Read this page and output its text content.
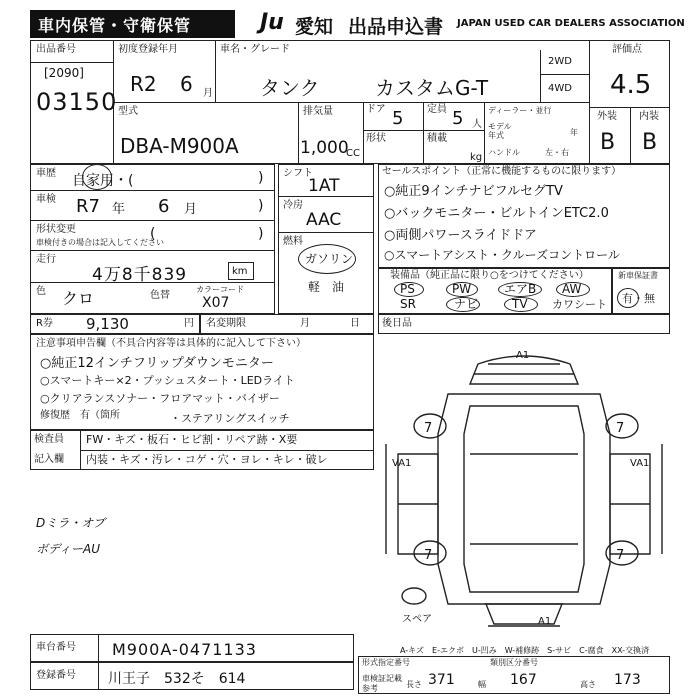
車内保管・守衛保管	Ju 愛知 出品申込書 JAPAN USED CAR DEALERS ASSOCIATION
出品番号
[2090]
03150
初度登録年月
R2 6 月
車名・グレード
タンク	カスタムG-T
2WD
4WD
評価点
4.5
外装 内装
B B
型式
DBA-M900A
排気量
1,000
CC
ドア 5
形状
定員 5 人
積載
kg
ディーラー・並行
モデル
年式	年
ハンドル	左・右
車歴 自家用・(	)
車検 R7 年 6 月	)
形状変更
車検付きの場合は記入してください
(	)
走行
4万8千839	km
色 クロ	色替
カラーコード
X07
シフト
1AT
冷房
AAC
燃料
ガソリン
軽　油
セールスポイント（正常に機能するものに限ります）
○純正9インチナビフルセグTV
○バックモニター・ビルトインETC2.0
○両側パワースライドドア
○スマートアシスト・クルーズコントロール
装備品（純正品に限り○をつけてください）
PS	PW	エアB AW
SR	ナビ	TV カワシート
新車保証書
有・無
R券 9,130	円 名変期限	月	日 後日品
注意事項申告欄（不具合内容等は具体的に記入して下さい）
○純正12インチフリップダウンモニター
○スマートキー×2・プッシュスタート・LEDライト
○クリアランスソナー・フロアマット・バイザー
修復歴　有（箇所	・ステアリングスイッチ
検査員
記入欄
FW・キズ・板石・ヒビ割・リペア跡・X要
内装・キズ・汚レ・コゲ・穴・ヨレ・キレ・破レ
Dミラ・オブ
ボディーAU
7	7
7	7
A1
VA1	VA1
A1
スペア
A-キズ　E-エクボ　U-凹み　W-補修跡　S-サビ　C-腐食　XX-交換済
車台番号 M900A-0471133
登録番号 川王子　532そ　614
形式指定番号	類別区分番号
車検証記載
参考	長さ 371	幅 167	高さ 173
